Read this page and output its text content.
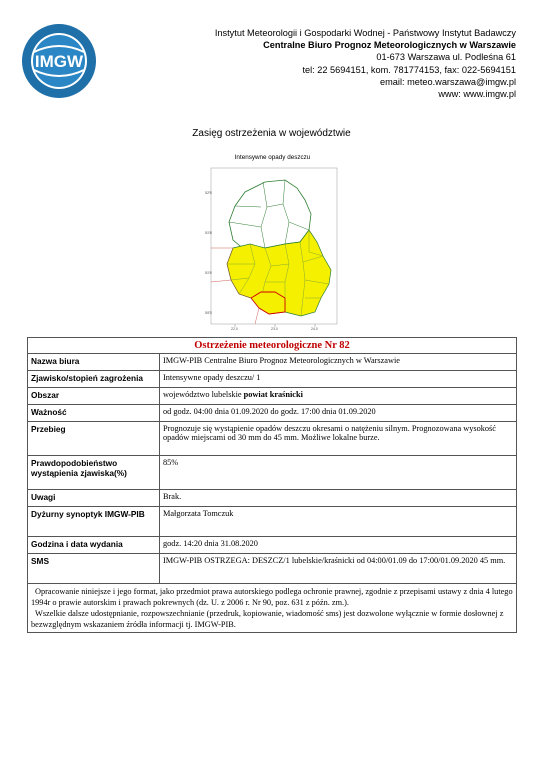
IMGW
Instytut Meteorologii i Gospodarki Wodnej - Państwowy Instytut Badawczy
Centralne Biuro Prognoz Meteorologicznych w Warszawie
01-673 Warszawa ul. Podleśna 61
tel: 22 5694151, kom. 781774153, fax: 022-5694151
email: meteo.warszawa@imgw.pl
www: www.imgw.pl
Zasięg ostrzeżenia w województwie
52.5
51.8
51.0
50.3
22.0	23.0	24.0
Intensywne opady deszczu
Ostrzeżenie meteorologiczne Nr 82	
Nazwa biura	IMGW-PIB Centralne Biuro Prognoz Meteorologicznych w Warszawie
Zjawisko/stopień zagrożenia	Intensywne opady deszczu/ 1
Obszar	województwo lubelskie powiat kraśnicki
Ważność	od godz. 04:00 dnia 01.09.2020 do godz. 17:00 dnia 01.09.2020
Przebieg	Prognozuje się wystąpienie opadów deszczu okresami o natężeniu silnym. Prognozowana wysokość opadów miejscami od 30 mm do 45 mm. Możliwe lokalne burze.
Prawdopodobieństwo wystąpienia zjawiska(%)	85%
Uwagi	Brak.
Dyżurny synoptyk IMGW-PIB	Małgorzata Tomczuk
Godzina i data wydania	godz. 14:20 dnia 31.08.2020
SMS	IMGW-PIB OSTRZEGA: DESZCZ/1 lubelskie/kraśnicki od 04:00/01.09 do 17:00/01.09.2020 45 mm.

Opracowanie niniejsze i jego format, jako przedmiot prawa autorskiego podlega ochronie prawnej, zgodnie z przepisami ustawy z dnia 4 lutego 1994r o prawie autorskim i prawach pokrewnych (dz. U. z 2006 r. Nr 90, poz. 631 z późn. zm.).
Wszelkie dalsze udostępnianie, rozpowszechnianie (przedruk, kopiowanie, wiadomość sms) jest dozwolone wyłącznie w formie dosłownej z bezwzględnym wskazaniem źródła informacji tj. IMGW-PIB.	
